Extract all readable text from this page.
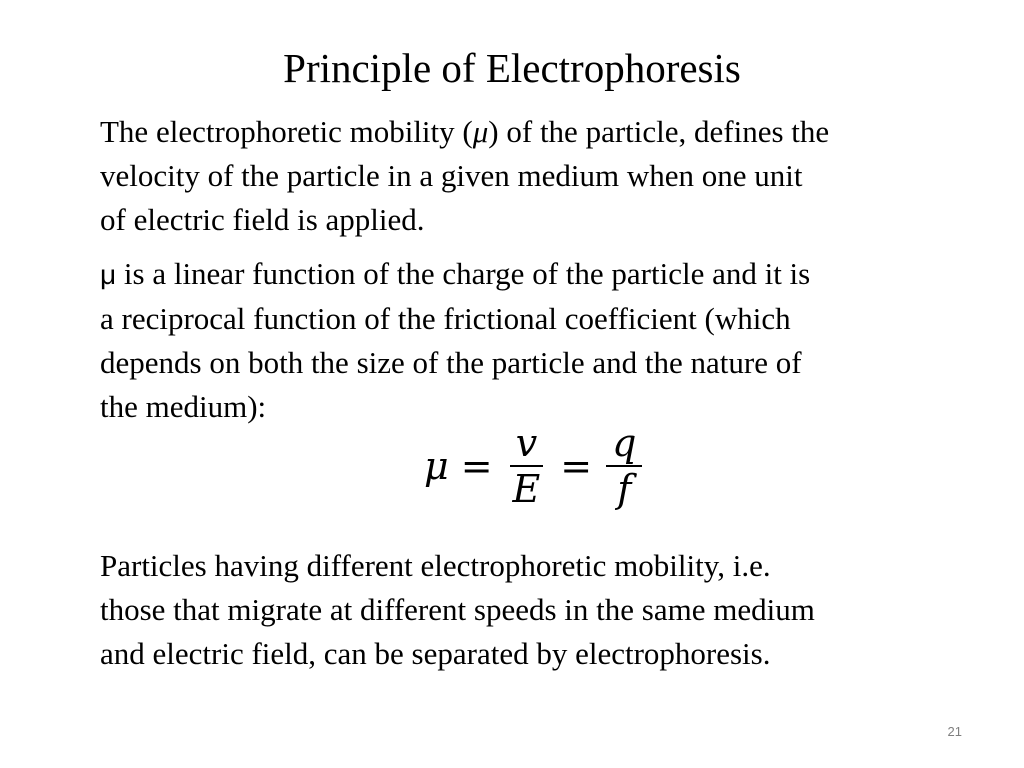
Principle of Electrophoresis

The electrophoretic mobility (μ) of the particle, defines the
velocity of the particle in a given medium when one unit
of electric field is applied.

μ is a linear function of the charge of the particle and it is
a reciprocal function of the frictional coefficient (which
depends on both the size of the particle and the nature of
the medium):

$\mu = \frac{v}{E} = \frac{q}{f}$

Particles having different electrophoretic mobility, i.e.
those that migrate at different speeds in the same medium
and electric field, can be separated by electrophoresis.

21
